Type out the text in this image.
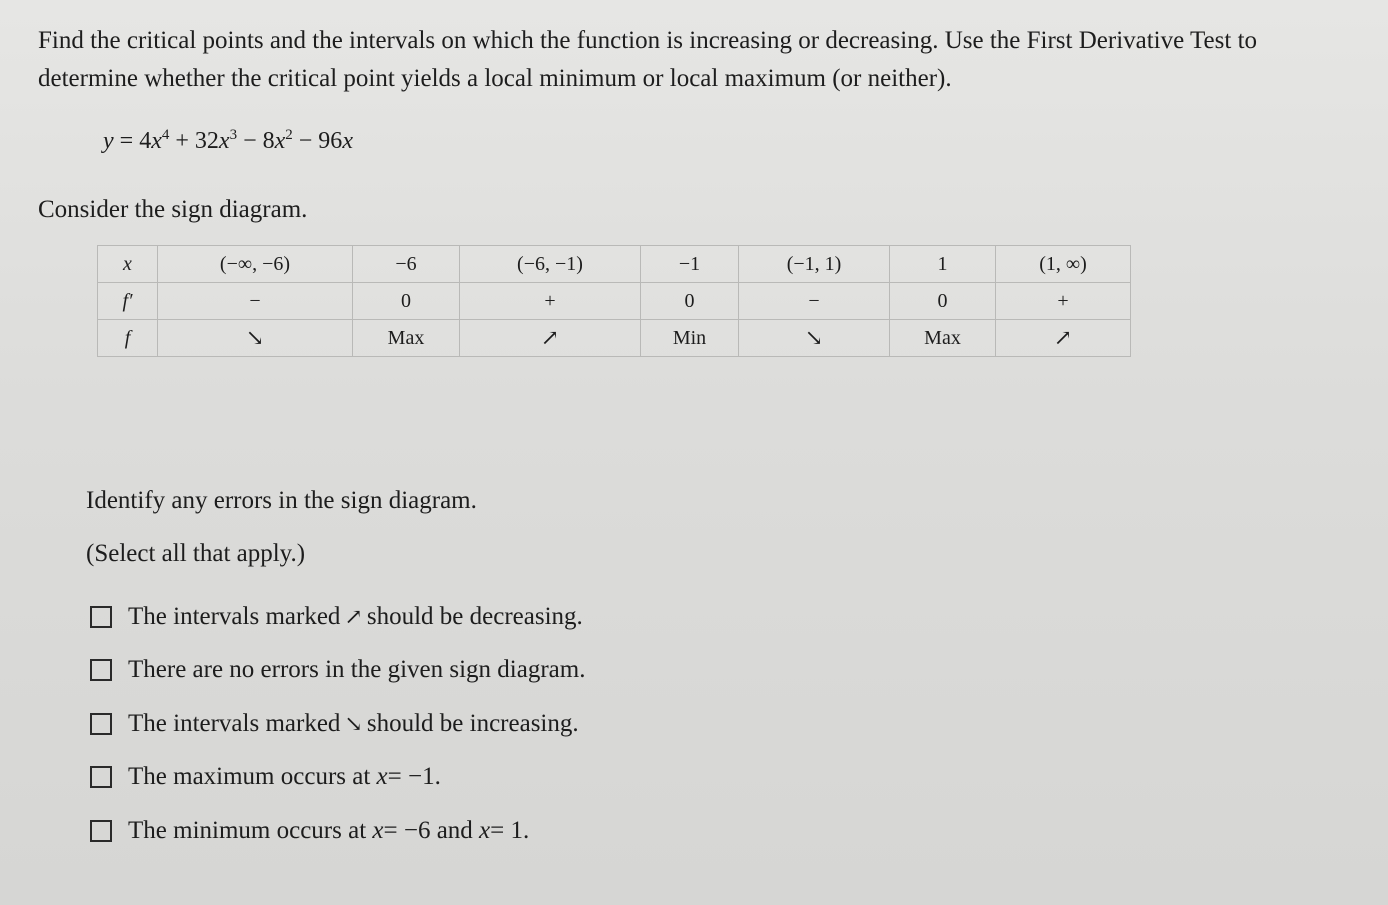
Find the critical points and the intervals on which the function is increasing or decreasing. Use the First Derivative Test to determine whether the critical point yields a local minimum or local maximum (or neither).
$y = 4x^4 + 32x^3 - 8x^2 - 96x$
Consider the sign diagram.
x	(−∞, −6)	−6	(−6, −1)	−1	(−1, 1)	1	(1, ∞)
f′	−	0	+	0	−	0	+
f	↘	Max	↗	Min	↘	Max	↗
Identify any errors in the sign diagram.
(Select all that apply.)
The intervals marked ↗ should be decreasing.
There are no errors in the given sign diagram.
The intervals marked ↘ should be increasing.
The maximum occurs at
x = −1.
The minimum occurs at
x = −6 and
x = 1.
